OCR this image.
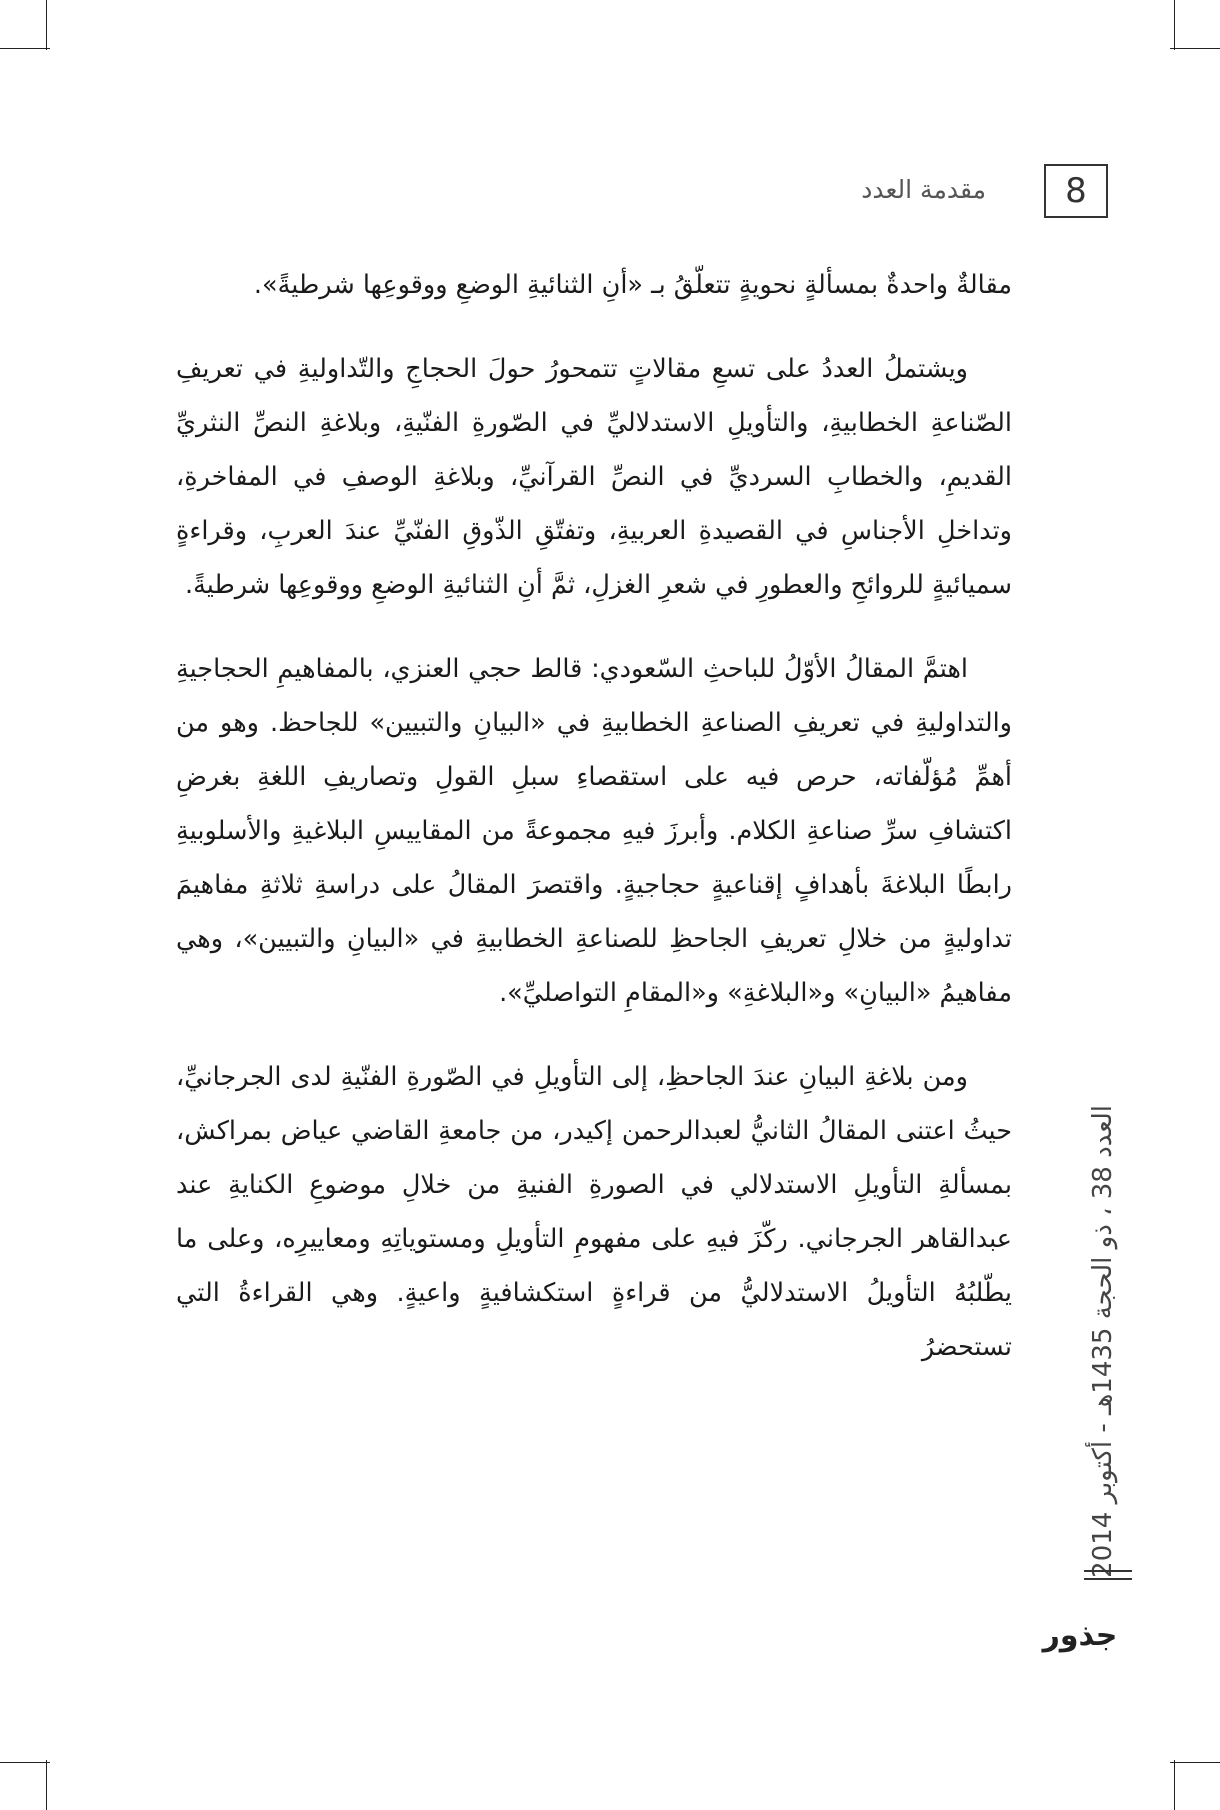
8
مقدمة العدد

مقالةٌ واحدةٌ بمسألةٍ نحويةٍ تتعلّقُ بـ «أنِ الثنائيةِ الوضعِ ووقوعِها شرطيةً».

ويشتملُ العددُ على تسعِ مقالاتٍ تتمحورُ حولَ الحجاجِ والتّداوليةِ في تعريفِ الصّناعةِ الخطابيةِ، والتأويلِ الاستدلاليِّ في الصّورةِ الفنّيةِ، وبلاغةِ النصِّ النثريِّ القديمِ، والخطابِ السرديِّ في النصِّ القرآنيِّ، وبلاغةِ الوصفِ في المفاخرةِ، وتداخلِ الأجناسِ في القصيدةِ العربيةِ، وتفتّقِ الذّوقِ الفنّيِّ عندَ العربِ، وقراءةٍ سميائيةٍ للروائحِ والعطورِ في شعرِ الغزلِ، ثمَّ أنِ الثنائيةِ الوضعِ ووقوعِها شرطيةً.

اهتمَّ المقالُ الأوّلُ للباحثِ السّعودي: قالط حجي العنزي، بالمفاهيمِ الحجاجيةِ والتداوليةِ في تعريفِ الصناعةِ الخطابيةِ في «البيانِ والتبيين» للجاحظ. وهو من أهمِّ مُؤلّفاته، حرص فيه على استقصاءِ سبلِ القولِ وتصاريفِ اللغةِ بغرضِ اكتشافِ سرِّ صناعةِ الكلام. وأبرزَ فيهِ مجموعةً من المقاييسِ البلاغيةِ والأسلوبيةِ رابطًا البلاغةَ بأهدافٍ إقناعيةٍ حجاجيةٍ. واقتصرَ المقالُ على دراسةِ ثلاثةِ مفاهيمَ تداوليةٍ من خلالِ تعريفِ الجاحظِ للصناعةِ الخطابيةِ في «البيانِ والتبيين»، وهي مفاهيمُ «البيانِ» و«البلاغةِ» و«المقامِ التواصليِّ».

ومن بلاغةِ البيانِ عندَ الجاحظِ، إلى التأويلِ في الصّورةِ الفنّيةِ لدى الجرجانيِّ، حيثُ اعتنى المقالُ الثانيُّ لعبدالرحمن إكيدر، من جامعةِ القاضي عياض بمراكش، بمسألةِ التأويلِ الاستدلالي في الصورةِ الفنيةِ من خلالِ موضوعِ الكنايةِ عند عبدالقاهر الجرجاني. ركّزَ فيهِ على مفهومِ التأويلِ ومستوياتِهِ ومعاييرِه، وعلى ما يطّلبُهُ التأويلُ الاستدلاليُّ من قراءةٍ استكشافيةٍ واعيةٍ. وهي القراءةُ التي تستحضرُ

العدد 38 ، ذو الحجة 1435هـ - أكتوبر 2014
جذور
